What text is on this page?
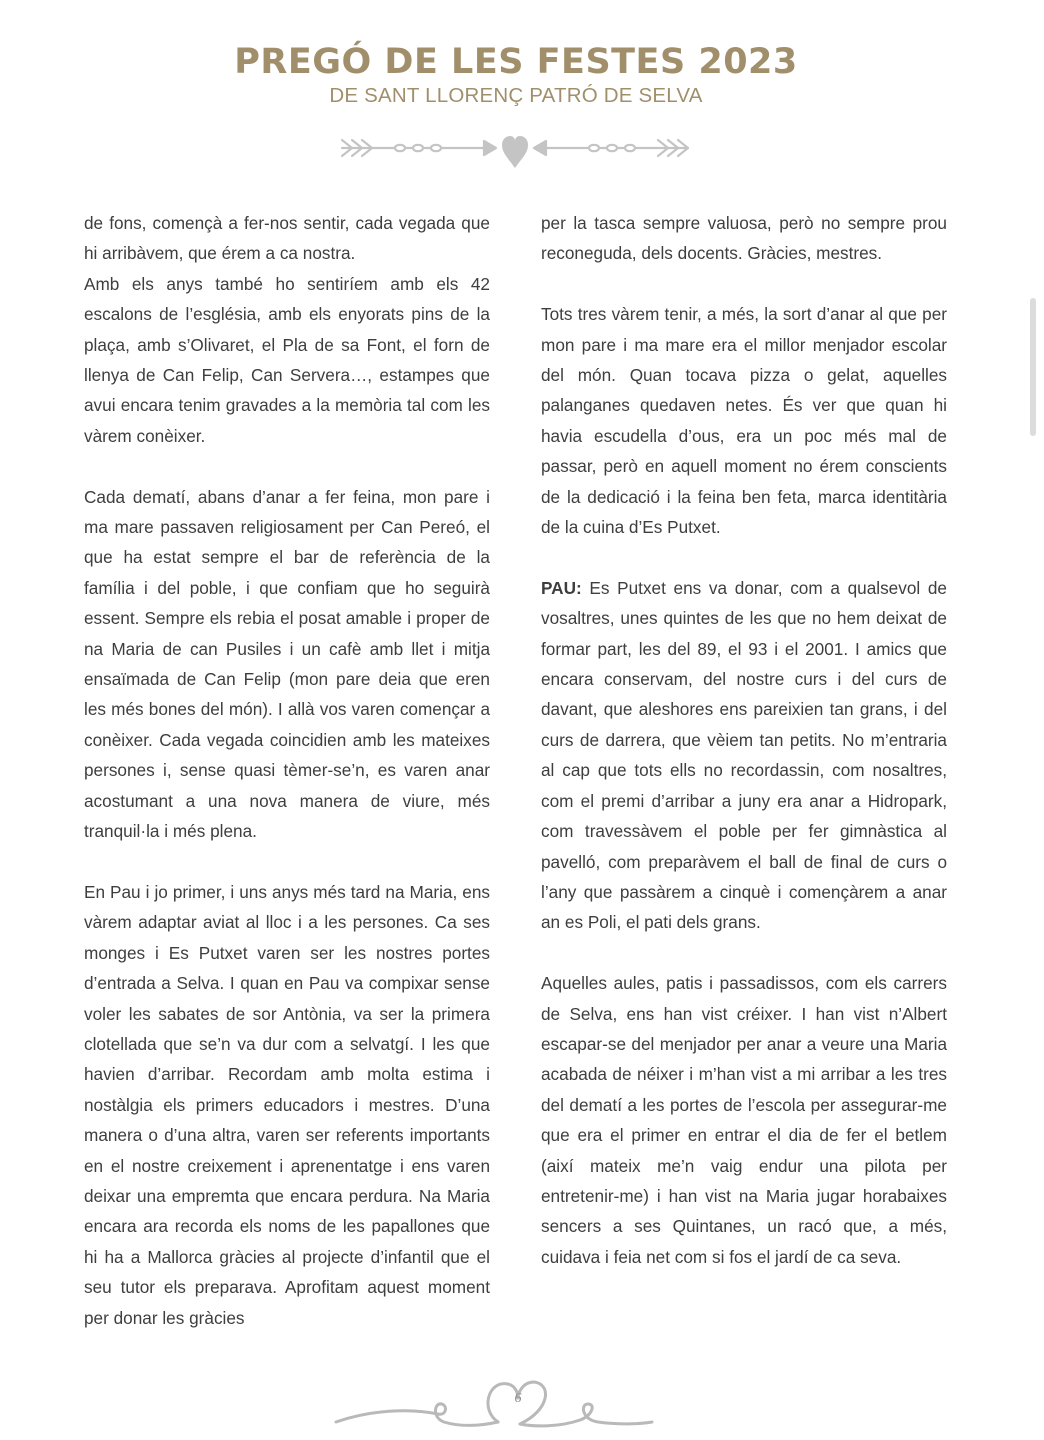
PREGÓ DE LES FESTES 2023
DE SANT LLORENÇ PATRÓ DE SELVA

de fons, començà a fer-nos sentir, cada vegada que hi arribàvem, que érem a ca nostra.

Amb els anys també ho sentiríem amb els 42 escalons de l’església, amb els enyorats pins de la plaça, amb s’Olivaret, el Pla de sa Font, el forn de llenya de Can Felip, Can Servera…, estampes que avui encara tenim gravades a la memòria tal com les vàrem conèixer.

Cada dematí, abans d’anar a fer feina, mon pare i ma mare passaven religiosament per Can Pereó, el que ha estat sempre el bar de referència de la família i del poble, i que confiam que ho seguirà essent. Sempre els rebia el posat amable i proper de na Maria de can Pusiles i un cafè amb llet i mitja ensaïmada de Can Felip (mon pare deia que eren les més bones del món). I allà vos varen començar a conèixer. Cada vegada coincidien amb les mateixes persones i, sense quasi tèmer-se’n, es varen anar acostumant a una nova manera de viure, més tranquil·la i més plena.

En Pau i jo primer, i uns anys més tard na Maria, ens vàrem adaptar aviat al lloc i a les persones. Ca ses monges i Es Putxet varen ser les nostres portes d’entrada a Selva. I quan en Pau va compixar sense voler les sabates de sor Antònia, va ser la primera clotellada que se’n va dur com a selvatgí. I les que havien d’arribar. Recordam amb molta estima i nostàlgia els primers educadors i mestres. D’una manera o d’una altra, varen ser referents importants en el nostre creixement i aprenentatge i ens varen deixar una empremta que encara perdura. Na Maria encara ara recorda els noms de les papallones que hi ha a Mallorca gràcies al projecte d’infantil que el seu tutor els preparava. Aprofitam aquest moment per donar les gràcies

per la tasca sempre valuosa, però no sempre prou reconeguda, dels docents. Gràcies, mestres.

Tots tres vàrem tenir, a més, la sort d’anar al que per mon pare i ma mare era el millor menjador escolar del món. Quan tocava pizza o gelat, aquelles palanganes quedaven netes. És ver que quan hi havia escudella d’ous, era un poc més mal de passar, però en aquell moment no érem conscients de la dedicació i la feina ben feta, marca identitària de la cuina d’Es Putxet.

PAU: Es Putxet ens va donar, com a qualsevol de vosaltres, unes quintes de les que no hem deixat de formar part, les del 89, el 93 i el 2001. I amics que encara conservam, del nostre curs i del curs de davant, que aleshores ens pareixien tan grans, i del curs de darrera, que vèiem tan petits. No m’entraria al cap que tots ells no recordassin, com nosaltres, com el premi d’arribar a juny era anar a Hidropark, com travessàvem el poble per fer gimnàstica al pavelló, com preparàvem el ball de final de curs o l’any que passàrem a cinquè i començàrem a anar an es Poli, el pati dels grans.

Aquelles aules, patis i passadissos, com els carrers de Selva, ens han vist créixer. I han vist n’Albert escapar-se del menjador per anar a veure una Maria acabada de néixer i m’han vist a mi arribar a les tres del dematí a les portes de l’escola per assegurar-me que era el primer en entrar el dia de fer el betlem (així mateix me’n vaig endur una pilota per entretenir-me) i han vist na Maria jugar horabaixes sencers a ses Quintanes, un racó que, a més, cuidava i feia net com si fos el jardí de ca seva.

6
